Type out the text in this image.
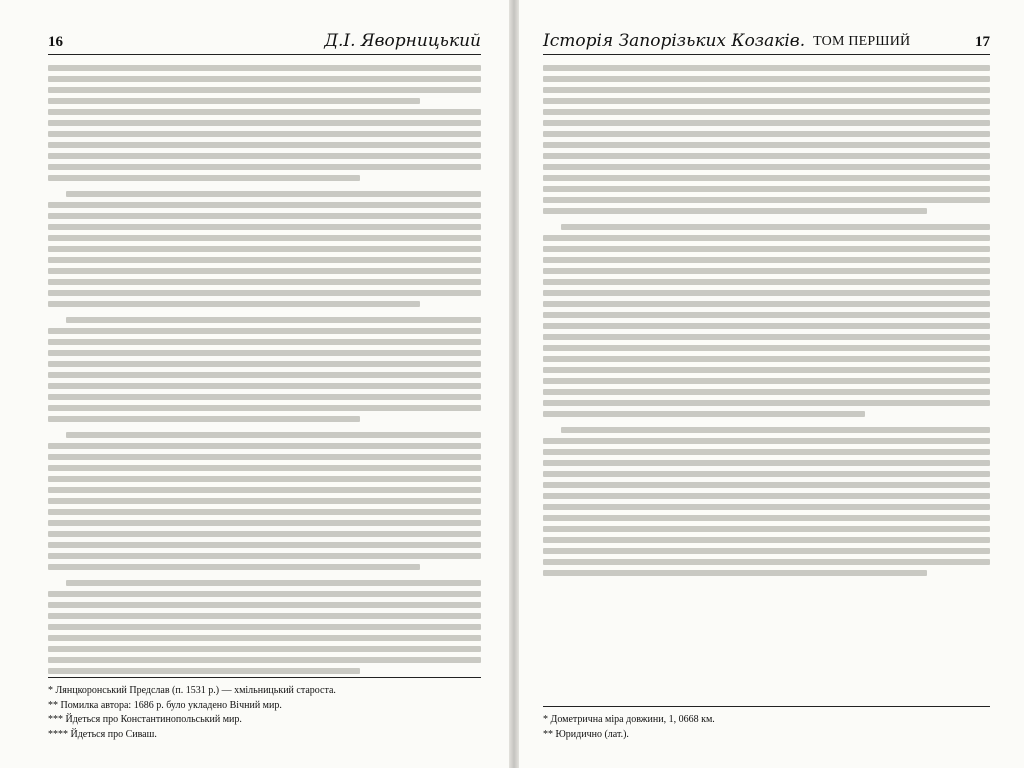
16	Д.І. Яворницький
* Лянцкоронський Предслав (п. 1531 р.) — хмільницький староста.
** Помилка автора: 1686 р. було укладено Вічний мир.
*** Йдеться про Константинопольський мир.
**** Йдеться про Сиваш.
Історія Запорізьких Козаків. ТОМ ПЕРШИЙ	17
* Дометрична міра довжини, 1, 0668 км.
** Юридично (лат.).
